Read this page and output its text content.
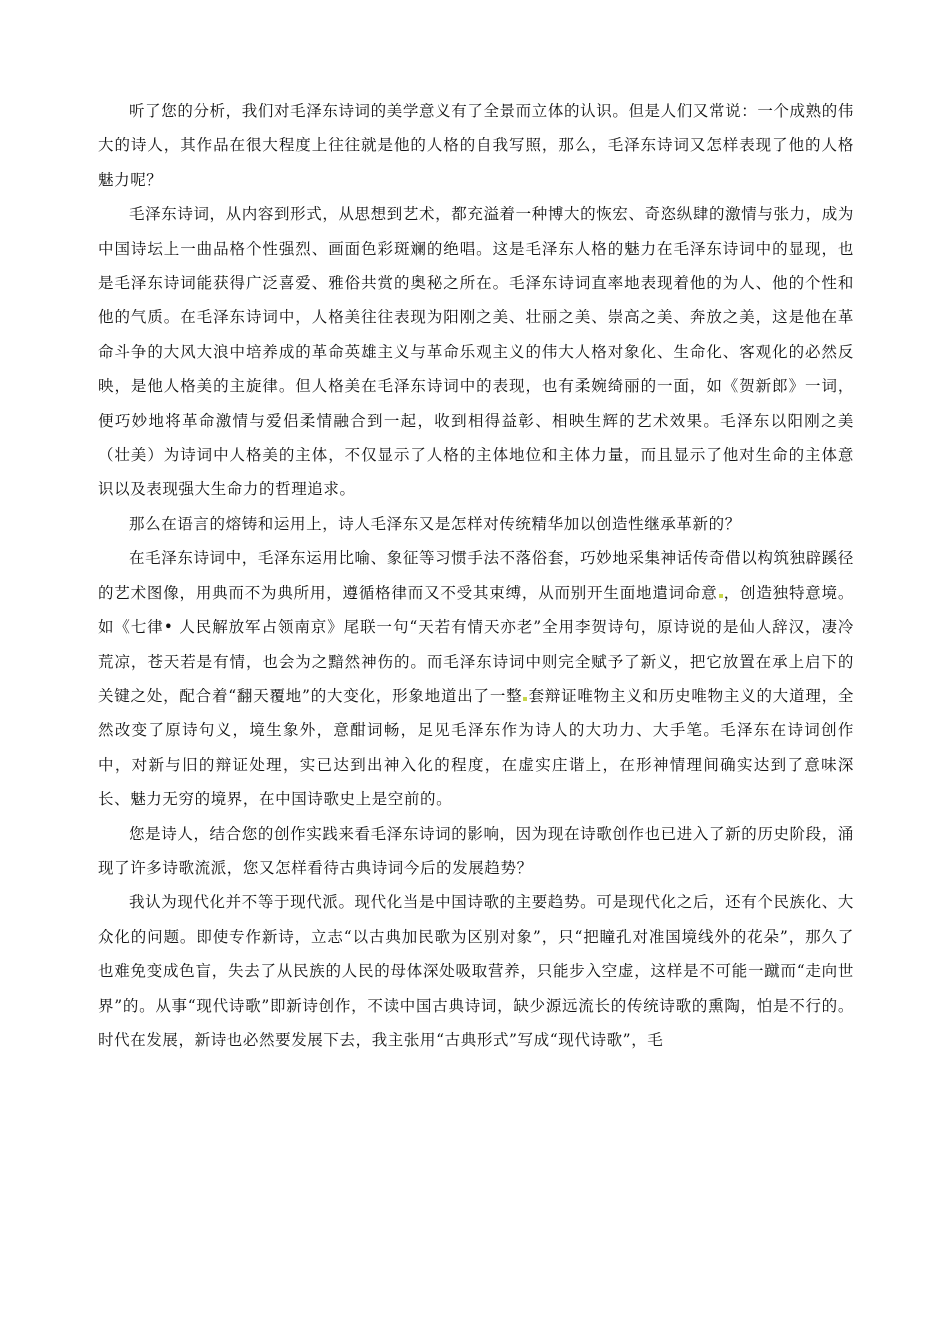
听了您的分析，我们对毛泽东诗词的美学意义有了全景而立体的认识。但是人们又常说：一个成熟的伟大的诗人，其作品在很大程度上往往就是他的人格的自我写照，那么，毛泽东诗词又怎样表现了他的人格魅力呢？

毛泽东诗词，从内容到形式，从思想到艺术，都充溢着一种博大的恢宏、奇恣纵肆的激情与张力，成为中国诗坛上一曲品格个性强烈、画面色彩斑斓的绝唱。这是毛泽东人格的魅力在毛泽东诗词中的显现，也是毛泽东诗词能获得广泛喜爱、雅俗共赏的奥秘之所在。毛泽东诗词直率地表现着他的为人、他的个性和他的气质。在毛泽东诗词中，人格美往往表现为阳刚之美、壮丽之美、崇高之美、奔放之美，这是他在革命斗争的大风大浪中培养成的革命英雄主义与革命乐观主义的伟大人格对象化、生命化、客观化的必然反映，是他人格美的主旋律。但人格美在毛泽东诗词中的表现，也有柔婉绮丽的一面，如《贺新郎》一词，便巧妙地将革命激情与爱侣柔情融合到一起，收到相得益彰、相映生辉的艺术效果。毛泽东以阳刚之美（壮美）为诗词中人格美的主体，不仅显示了人格的主体地位和主体力量，而且显示了他对生命的主体意识以及表现强大生命力的哲理追求。

那么在语言的熔铸和运用上，诗人毛泽东又是怎样对传统精华加以创造性继承革新的？

在毛泽东诗词中，毛泽东运用比喻、象征等习惯手法不落俗套，巧妙地采集神话传奇借以构筑独辟蹊径的艺术图像，用典而不为典所用，遵循格律而又不受其束缚，从而别开生面地遣词命意 ，创造独特意境。如《七律• 人民解放军占领南京》尾联一句“天若有情天亦老”全用李贺诗句，原诗说的是仙人辞汉，凄冷荒凉，苍天若是有情，也会为之黯然神伤的。而毛泽东诗词中则完全赋予了新义，把它放置在承上启下的关键之处，配合着“翻天覆地”的大变化，形象地道出了一整 套辩证唯物主义和历史唯物主义的大道理，全然改变了原诗句义，境生象外，意酣词畅，足见毛泽东作为诗人的大功力、大手笔。毛泽东在诗词创作中，对新与旧的辩证处理，实已达到出神入化的程度，在虚实庄谐上，在形神情理间确实达到了意味深长、魅力无穷的境界，在中国诗歌史上是空前的。

您是诗人，结合您的创作实践来看毛泽东诗词的影响，因为现在诗歌创作也已进入了新的历史阶段，涌现了许多诗歌流派，您又怎样看待古典诗词今后的发展趋势？

我认为现代化并不等于现代派。现代化当是中国诗歌的主要趋势。可是现代化之后，还有个民族化、大众化的问题。即使专作新诗，立志“以古典加民歌为区别对象”，只“把瞳孔对准国境线外的花朵”，那久了也难免变成色盲，失去了从民族的人民的母体深处吸取营养，只能步入空虚，这样是不可能一蹴而“走向世界”的。从事“现代诗歌”即新诗创作，不读中国古典诗词，缺少源远流长的传统诗歌的熏陶，怕是不行的。时代在发展，新诗也必然要发展下去，我主张用“古典形式”写成“现代诗歌”，毛
